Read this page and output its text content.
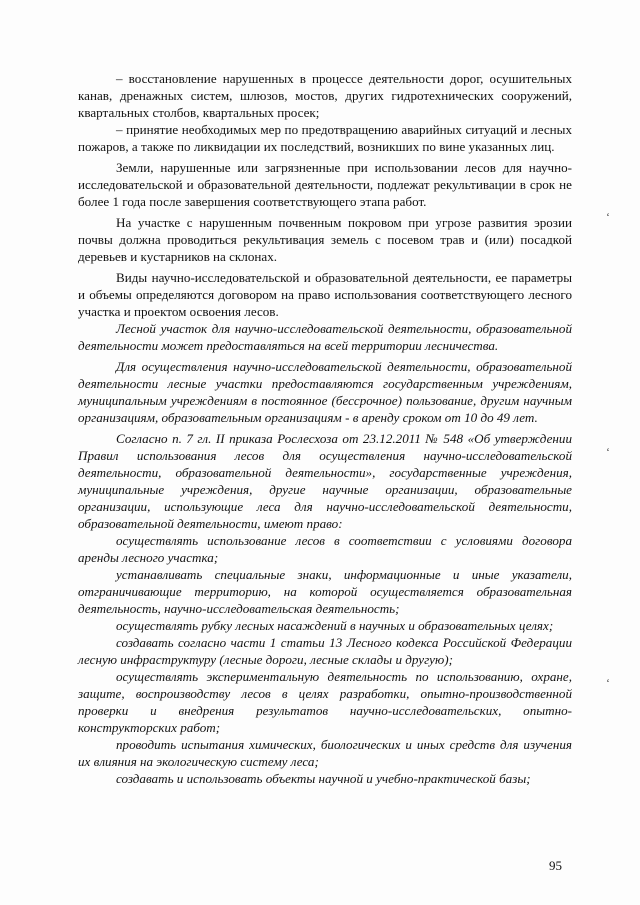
– восстановление нарушенных в процессе деятельности дорог, осушительных канав, дренажных систем, шлюзов, мостов, других гидротехнических сооружений, квартальных столбов, квартальных просек;

– принятие необходимых мер по предотвращению аварийных ситуаций и лесных пожаров, а также по ликвидации их последствий, возникших по вине указанных лиц.

Земли, нарушенные или загрязненные при использовании лесов для научно-исследовательской и образовательной деятельности, подлежат рекультивации в срок не более 1 года после завершения соответствующего этапа работ.

На участке с нарушенным почвенным покровом при угрозе развития эрозии почвы должна проводиться рекультивация земель с посевом трав и (или) посадкой деревьев и кустарников на склонах.

Виды научно-исследовательской и образовательной деятельности, ее параметры и объемы определяются договором на право использования соответствующего лесного участка и проектом освоения лесов.

Лесной участок для научно-исследовательской деятельности, образовательной деятельности может предоставляться на всей территории лесничества.

Для осуществления научно-исследовательской деятельности, образовательной деятельности лесные участки предоставляются государственным учреждениям, муниципальным учреждениям в постоянное (бессрочное) пользование, другим научным организациям, образовательным организациям - в аренду сроком от 10 до 49 лет.

Согласно п. 7 гл. II приказа Рослесхоза от 23.12.2011 № 548 «Об утверждении Правил использования лесов для осуществления научно-исследовательской деятельности, образовательной деятельности», государственные учреждения, муниципальные учреждения, другие научные организации, образовательные организации, использующие леса для научно-исследовательской деятельности, образовательной деятельности, имеют право:

осуществлять использование лесов в соответствии с условиями договора аренды лесного участка;

устанавливать специальные знаки, информационные и иные указатели, отграничивающие территорию, на которой осуществляется образовательная деятельность, научно-исследовательская деятельность;

осуществлять рубку лесных насаждений в научных и образовательных целях;

создавать согласно части 1 статьи 13 Лесного кодекса Российской Федерации лесную инфраструктуру (лесные дороги, лесные склады и другую);

осуществлять экспериментальную деятельность по использованию, охране, защите, воспроизводству лесов в целях разработки, опытно-производственной проверки и внедрения результатов научно-исследовательских, опытно-конструкторских работ;

проводить испытания химических, биологических и иных средств для изучения их влияния на экологическую систему леса;

создавать и использовать объекты научной и учебно-практической базы;

‘
‘
‘
95
